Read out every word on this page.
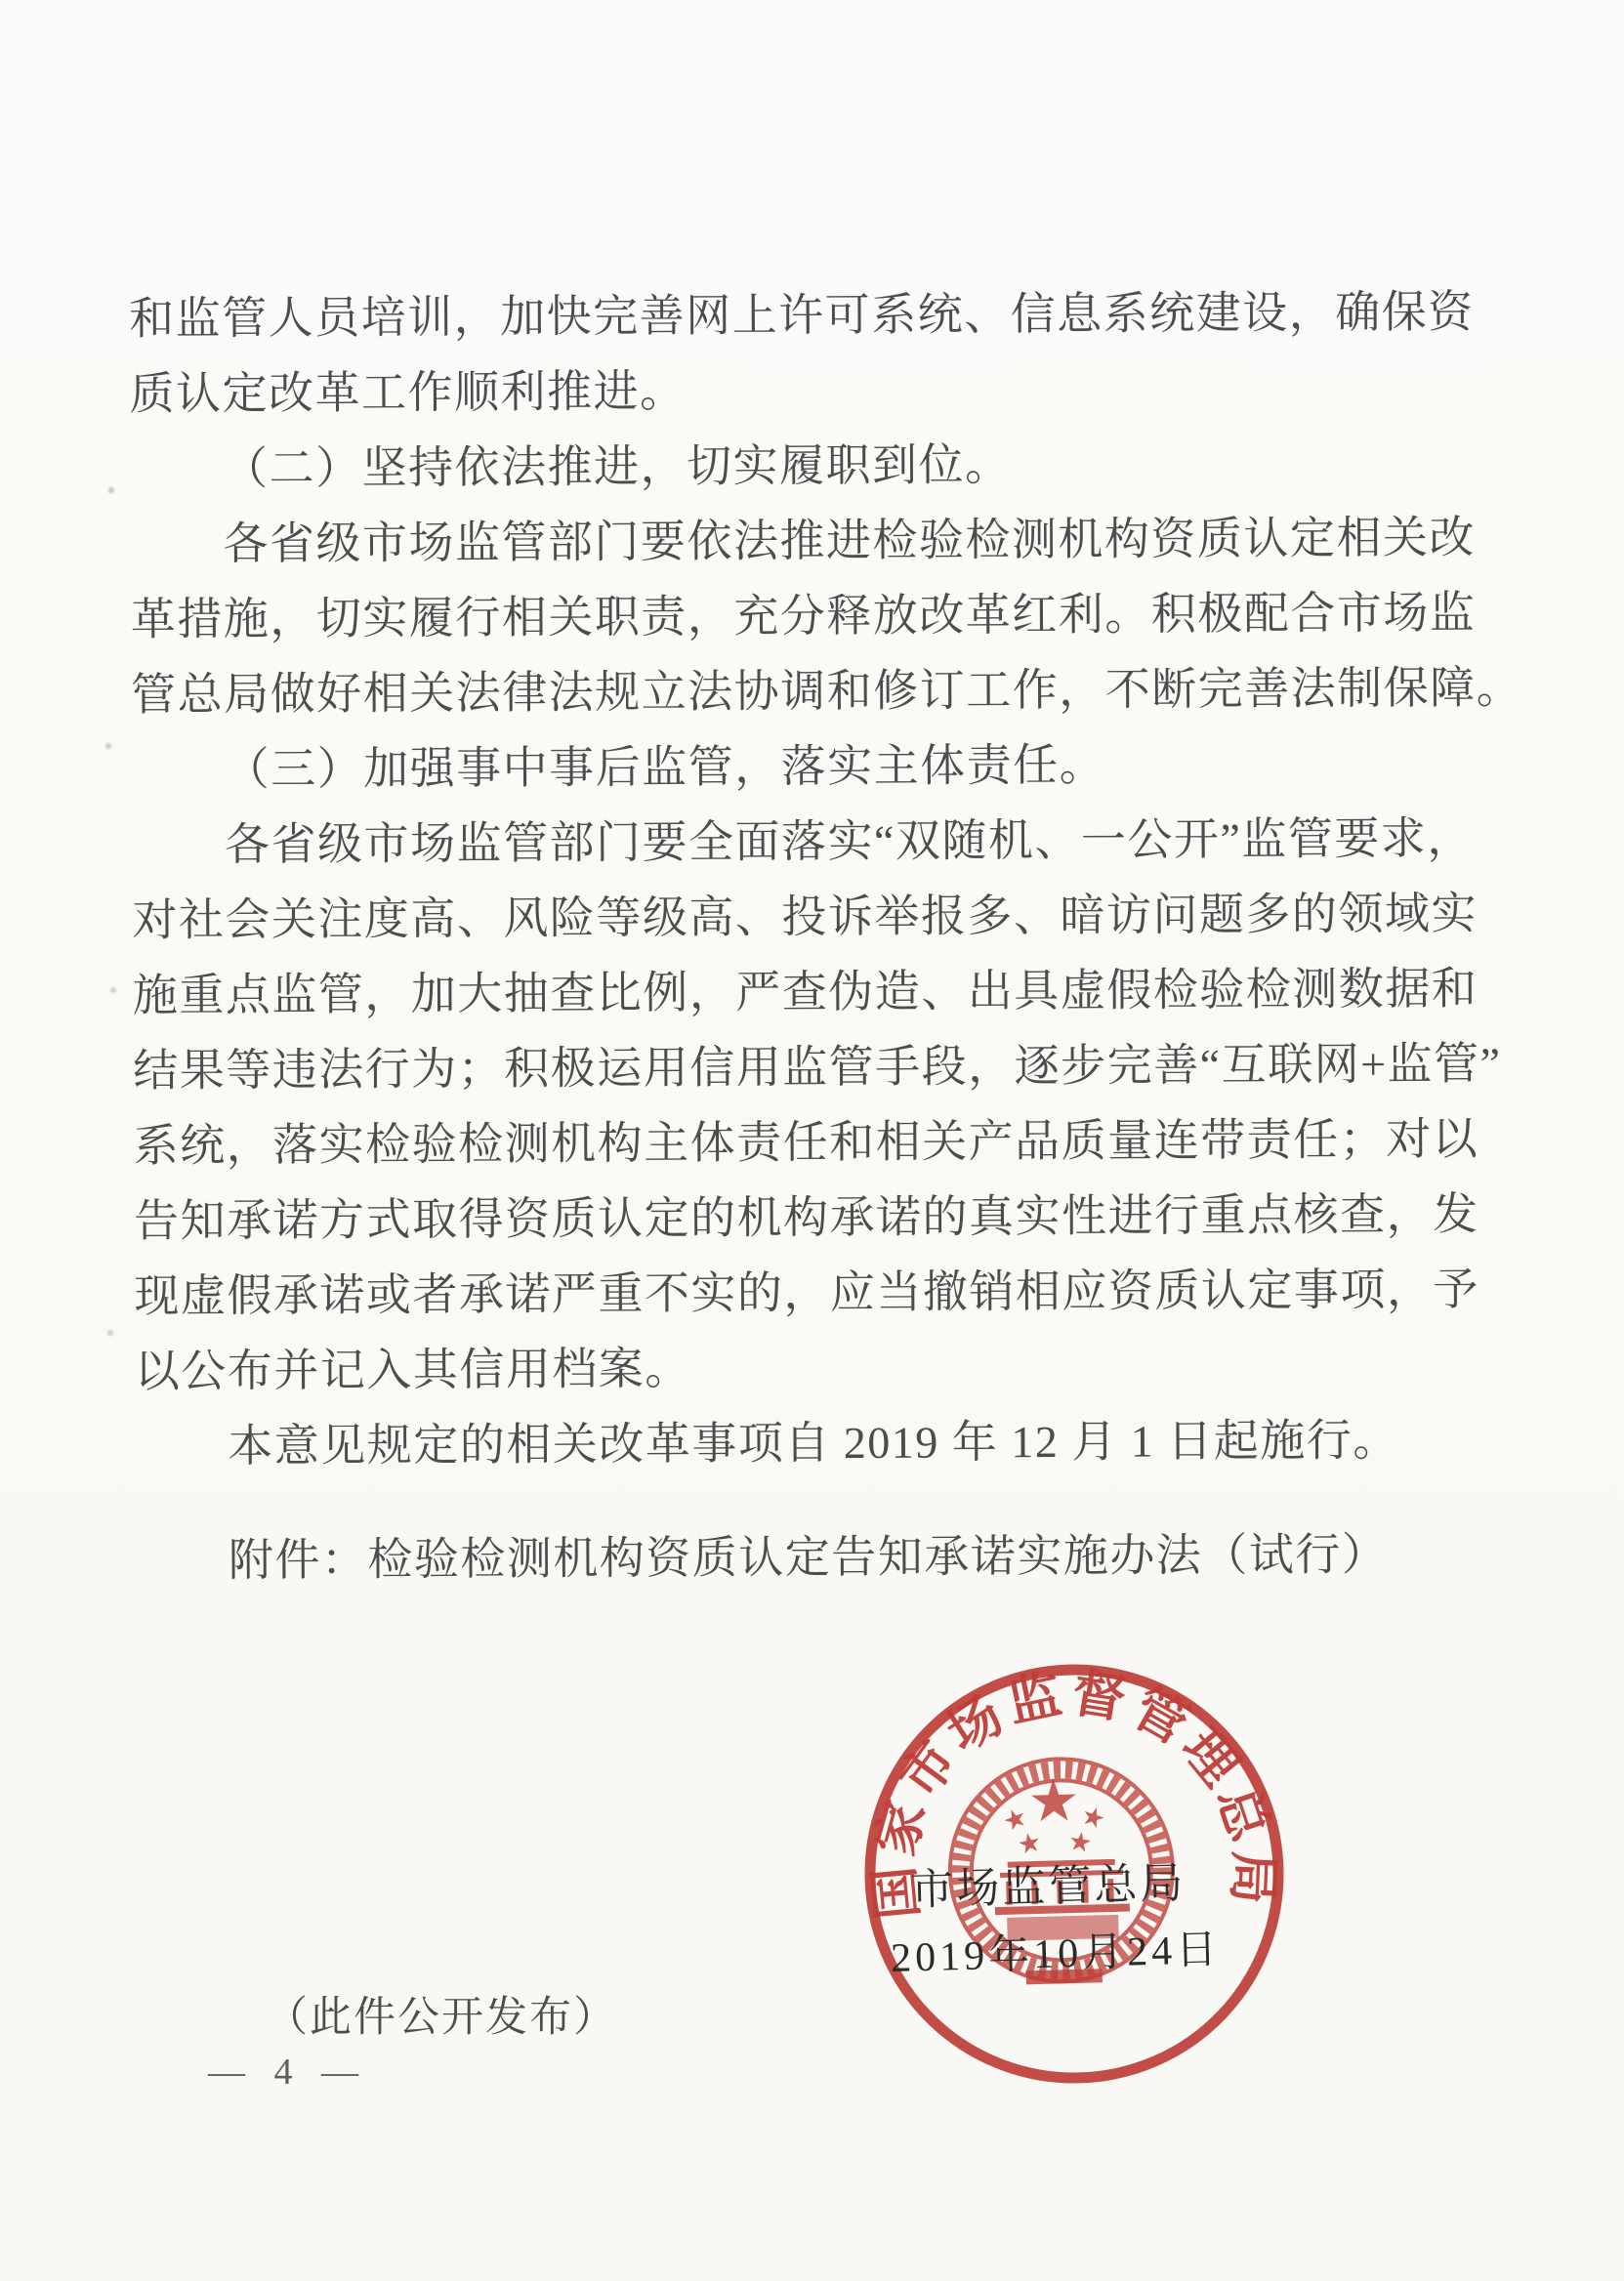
和监管人员培训，加快完善网上许可系统、信息系统建设，确保资
质认定改革工作顺利推进。
（二）坚持依法推进，切实履职到位。
各省级市场监管部门要依法推进检验检测机构资质认定相关改
革措施，切实履行相关职责，充分释放改革红利。积极配合市场监
管总局做好相关法律法规立法协调和修订工作，不断完善法制保障。
（三）加强事中事后监管，落实主体责任。
各省级市场监管部门要全面落实“双随机、一公开”监管要求，
对社会关注度高、风险等级高、投诉举报多、暗访问题多的领域实
施重点监管，加大抽查比例，严查伪造、出具虚假检验检测数据和
结果等违法行为；积极运用信用监管手段，逐步完善“互联网+监管”
系统，落实检验检测机构主体责任和相关产品质量连带责任；对以
告知承诺方式取得资质认定的机构承诺的真实性进行重点核查，发
现虚假承诺或者承诺严重不实的，应当撤销相应资质认定事项，予
以公布并记入其信用档案。
本意见规定的相关改革事项自 2019 年 12 月 1 日起施行。
附件：检验检测机构资质认定告知承诺实施办法（试行）
国家市场监督管理总局
市场监管总局
2019年10月24日
（此件公开发布）
— 4 —
